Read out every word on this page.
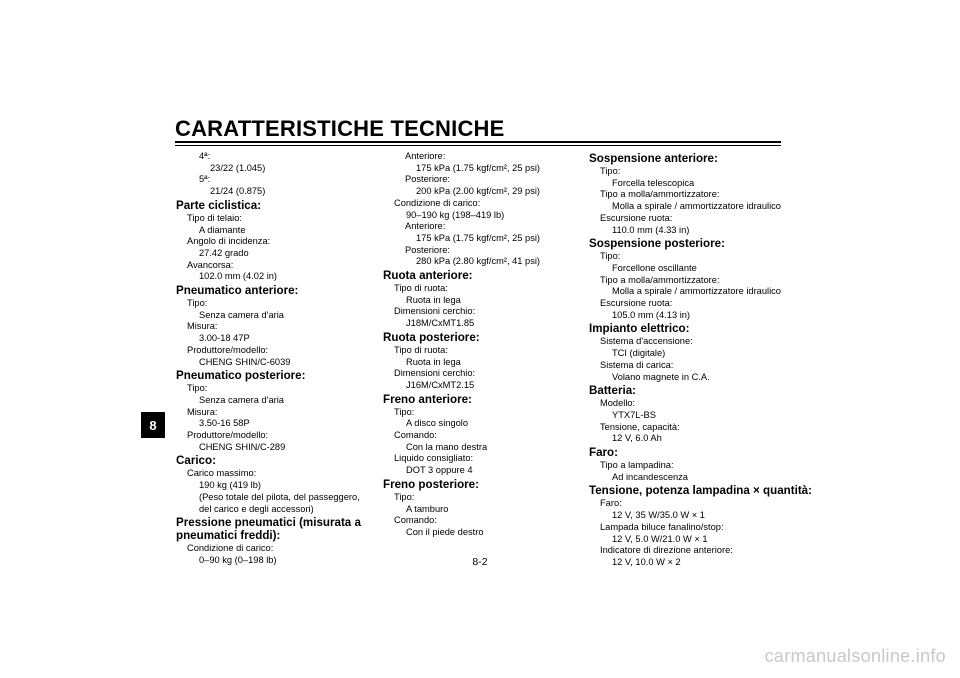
CARATTERISTICHE TECNICHE
8
4ª:
23/22 (1.045)
5ª:
21/24 (0.875)
Parte ciclistica:
Tipo di telaio:
A diamante
Angolo di incidenza:
27.42 grado
Avancorsa:
102.0 mm (4.02 in)
Pneumatico anteriore:
Tipo:
Senza camera d'aria
Misura:
3.00-18 47P
Produttore/modello:
CHENG SHIN/C-6039
Pneumatico posteriore:
Tipo:
Senza camera d'aria
Misura:
3.50-16 58P
Produttore/modello:
CHENG SHIN/C-289
Carico:
Carico massimo:
190 kg (419 lb)
(Peso totale del pilota, del passeggero, del carico e degli accessori)
Pressione pneumatici (misurata a pneumatici freddi):
Condizione di carico:
0–90 kg (0–198 lb)
Anteriore:
175 kPa (1.75 kgf/cm², 25 psi)
Posteriore:
200 kPa (2.00 kgf/cm², 29 psi)
Condizione di carico:
90–190 kg (198–419 lb)
Anteriore:
175 kPa (1.75 kgf/cm², 25 psi)
Posteriore:
280 kPa (2.80 kgf/cm², 41 psi)
Ruota anteriore:
Tipo di ruota:
Ruota in lega
Dimensioni cerchio:
J18M/CxMT1.85
Ruota posteriore:
Tipo di ruota:
Ruota in lega
Dimensioni cerchio:
J16M/CxMT2.15
Freno anteriore:
Tipo:
A disco singolo
Comando:
Con la mano destra
Liquido consigliato:
DOT 3 oppure 4
Freno posteriore:
Tipo:
A tamburo
Comando:
Con il piede destro
Sospensione anteriore:
Tipo:
Forcella telescopica
Tipo a molla/ammortizzatore:
Molla a spirale / ammortizzatore idraulico
Escursione ruota:
110.0 mm (4.33 in)
Sospensione posteriore:
Tipo:
Forcellone oscillante
Tipo a molla/ammortizzatore:
Molla a spirale / ammortizzatore idraulico
Escursione ruota:
105.0 mm (4.13 in)
Impianto elettrico:
Sistema d'accensione:
TCI (digitale)
Sistema di carica:
Volano magnete in C.A.
Batteria:
Modello:
YTX7L-BS
Tensione, capacità:
12 V, 6.0 Ah
Faro:
Tipo a lampadina:
Ad incandescenza
Tensione, potenza lampadina × quantità:
Faro:
12 V, 35 W/35.0 W × 1
Lampada biluce fanalino/stop:
12 V, 5.0 W/21.0 W × 1
Indicatore di direzione anteriore:
12 V, 10.0 W × 2
8-2
carmanualsonline.info
